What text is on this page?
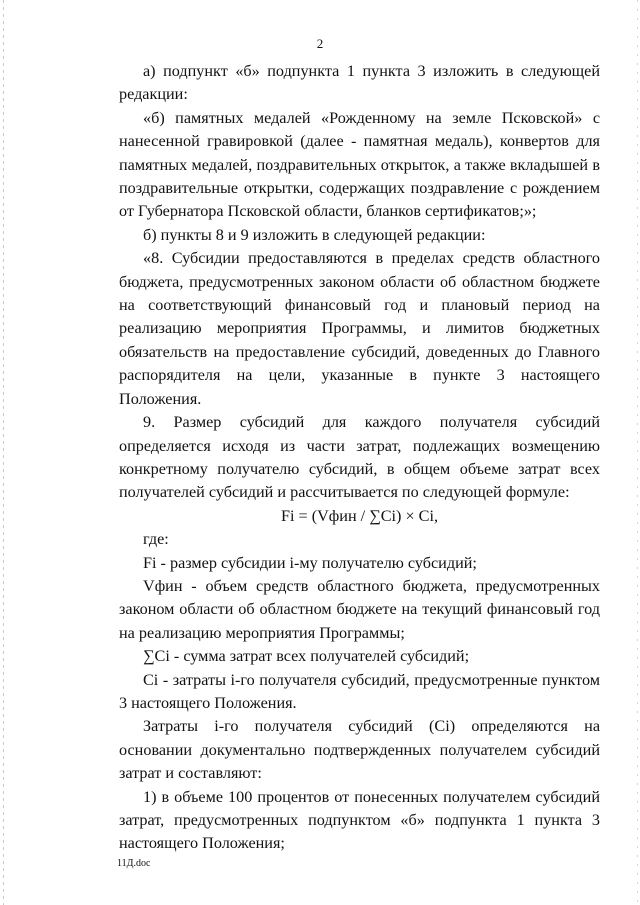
2

а) подпункт «б» подпункта 1 пункта 3 изложить в следующей редакции:

«б) памятных медалей «Рожденному на земле Псковской» с нанесенной гравировкой (далее - памятная медаль), конвертов для памятных медалей, поздравительных открыток, а также вкладышей в поздравительные открытки, содержащих поздравление с рождением от Губернатора Псковской области, бланков сертификатов;»;

б) пункты 8 и 9 изложить в следующей редакции:

«8. Субсидии предоставляются в пределах средств областного бюджета, предусмотренных законом области об областном бюджете на соответствующий финансовый год и плановый период на реализацию мероприятия Программы, и лимитов бюджетных обязательств на предоставление субсидий, доведенных до Главного распорядителя на цели, указанные в пункте 3 настоящего Положения.

9. Размер субсидий для каждого получателя субсидий определяется исходя из части затрат, подлежащих возмещению конкретному получателю субсидий, в общем объеме затрат всех получателей субсидий и рассчитывается по следующей формуле:

Fi = (Vфин / ∑Ci) × Ci,

где:

Fi - размер субсидии i-му получателю субсидий;

Vфин - объем средств областного бюджета, предусмотренных законом области об областном бюджете на текущий финансовый год на реализацию мероприятия Программы;

∑Ci - сумма затрат всех получателей субсидий;

Ci - затраты i-го получателя субсидий, предусмотренные пунктом 3 настоящего Положения.

Затраты i-го получателя субсидий (Ci) определяются на основании документально подтвержденных получателем субсидий затрат и составляют:

1) в объеме 100 процентов от понесенных получателем субсидий затрат, предусмотренных подпунктом «б» подпункта 1 пункта 3 настоящего Положения;

11Д.doc
